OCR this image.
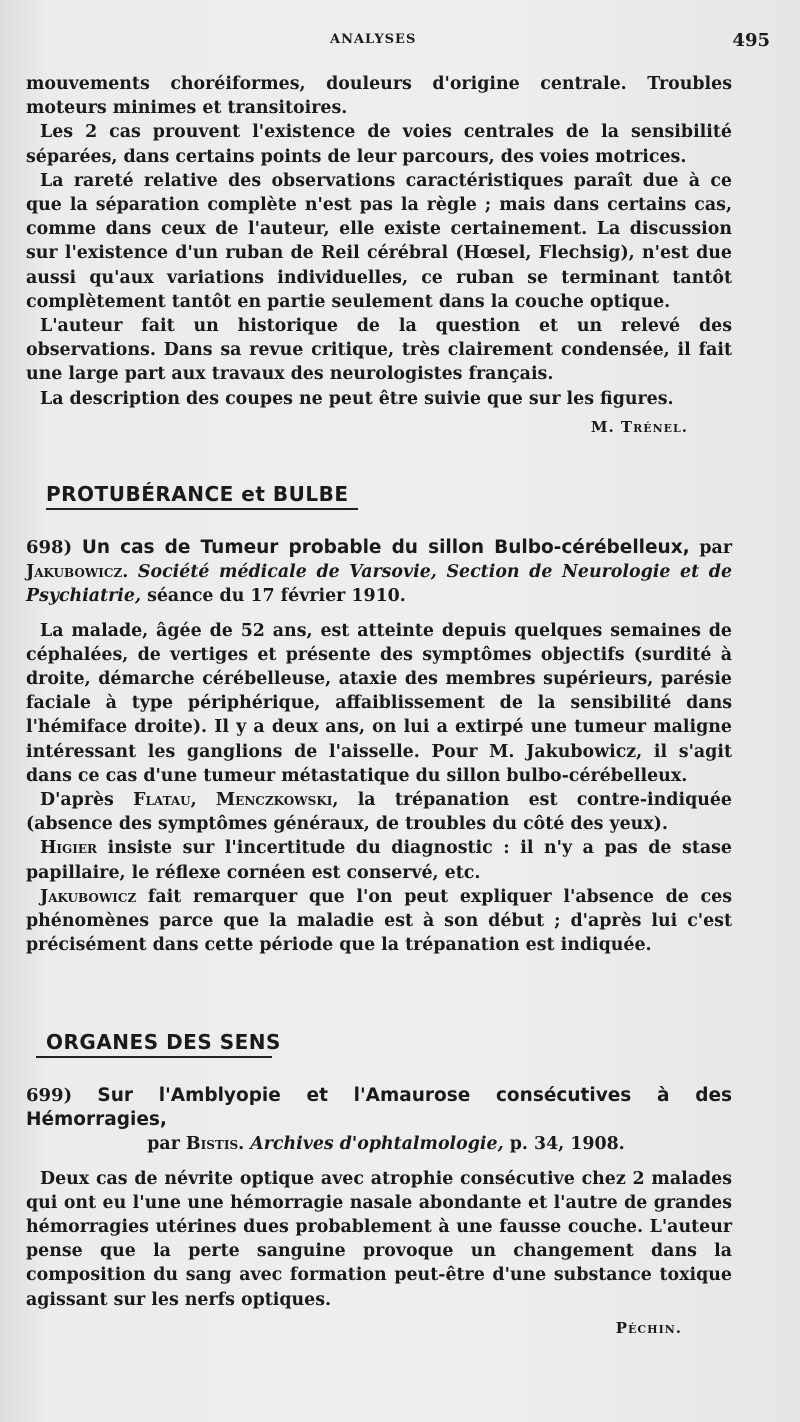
ANALYSES	495

mouvements choréiformes, douleurs d'origine centrale. Troubles moteurs minimes et transitoires.

Les 2 cas prouvent l'existence de voies centrales de la sensibilité séparées, dans certains points de leur parcours, des voies motrices.

La rareté relative des observations caractéristiques paraît due à ce que la séparation complète n'est pas la règle ; mais dans certains cas, comme dans ceux de l'auteur, elle existe certainement. La discussion sur l'existence d'un ruban de Reil cérébral (Hœsel, Flechsig), n'est due aussi qu'aux variations individuelles, ce ruban se terminant tantôt complètement tantôt en partie seulement dans la couche optique.

L'auteur fait un historique de la question et un relevé des observations. Dans sa revue critique, très clairement condensée, il fait une large part aux travaux des neurologistes français.

La description des coupes ne peut être suivie que sur les figures.

M. Trénel.
PROTUBÉRANCE et BULBE

698) Un cas de Tumeur probable du sillon Bulbo-cérébelleux, par Jakubowicz. Société médicale de Varsovie, Section de Neurologie et de Psychiatrie, séance du 17 février 1910.

La malade, âgée de 52 ans, est atteinte depuis quelques semaines de céphalées, de vertiges et présente des symptômes objectifs (surdité à droite, démarche cérébelleuse, ataxie des membres supérieurs, parésie faciale à type périphérique, affaiblissement de la sensibilité dans l'hémiface droite). Il y a deux ans, on lui a extirpé une tumeur maligne intéressant les ganglions de l'aisselle. Pour M. Jakubowicz, il s'agit dans ce cas d'une tumeur métastatique du sillon bulbo-cérébelleux.

D'après Flatau, Menczkowski, la trépanation est contre-indiquée (absence des symptômes généraux, de troubles du côté des yeux).

Higier insiste sur l'incertitude du diagnostic : il n'y a pas de stase papillaire, le réflexe cornéen est conservé, etc.

Jakubowicz fait remarquer que l'on peut expliquer l'absence de ces phénomènes parce que la maladie est à son début ; d'après lui c'est précisément dans cette période que la trépanation est indiquée.

ORGANES DES SENS

699) Sur l'Amblyopie et l'Amaurose consécutives à des Hémorragies,

par Bistis. Archives d'ophtalmologie, p. 34, 1908.

Deux cas de névrite optique avec atrophie consécutive chez 2 malades qui ont eu l'une une hémorragie nasale abondante et l'autre de grandes hémorragies utérines dues probablement à une fausse couche. L'auteur pense que la perte sanguine provoque un changement dans la composition du sang avec formation peut-être d'une substance toxique agissant sur les nerfs optiques.

Péchin.
